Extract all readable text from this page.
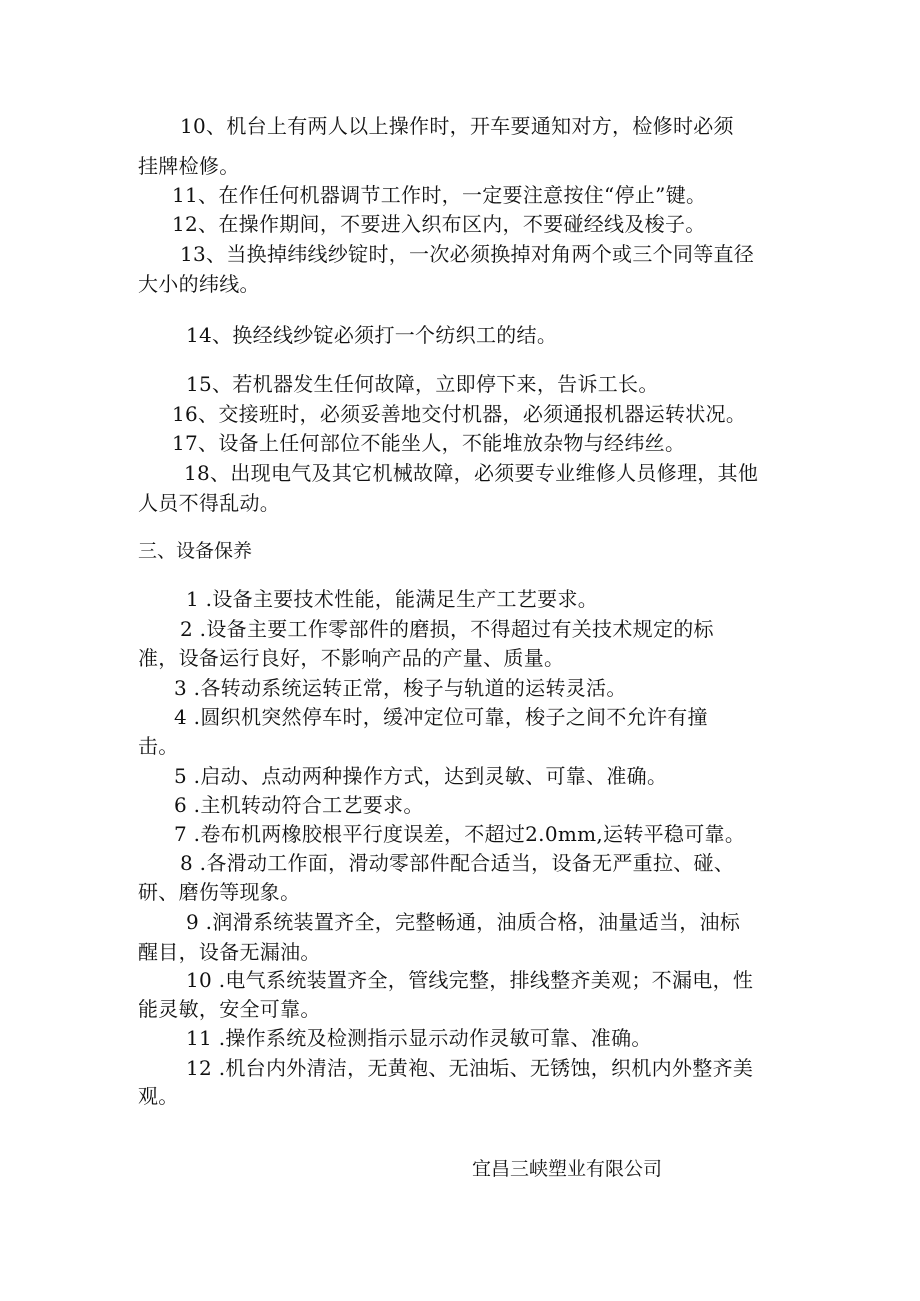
10、机台上有两人以上操作时，开车要通知对方，检修时必须
挂牌检修。
11、在作任何机器调节工作时，一定要注意按住“停止”键。
12、在操作期间，不要进入织布区内，不要碰经线及梭子。
13、当换掉纬线纱锭时，一次必须换掉对角两个或三个同等直径
大小的纬线。
14、换经线纱锭必须打一个纺织工的结。
15、若机器发生任何故障，立即停下来，告诉工长。
16、交接班时，必须妥善地交付机器，必须通报机器运转状况。
17、设备上任何部位不能坐人，不能堆放杂物与经纬丝。
18、出现电气及其它机械故障，必须要专业维修人员修理，其他
人员不得乱动。
三、设备保养
1 .设备主要技术性能，能满足生产工艺要求。
2 .设备主要工作零部件的磨损，不得超过有关技术规定的标
准，设备运行良好，不影响产品的产量、质量。
3 .各转动系统运转正常，梭子与轨道的运转灵活。
4 .圆织机突然停车时，缓冲定位可靠，梭子之间不允许有撞
击。
5 .启动、点动两种操作方式，达到灵敏、可靠、准确。
6 .主机转动符合工艺要求。
7 .卷布机两橡胶根平行度误差，不超过2.0mm,运转平稳可靠。
8 .各滑动工作面，滑动零部件配合适当，设备无严重拉、碰、
研、磨伤等现象。
9 .润滑系统装置齐全，完整畅通，油质合格，油量适当，油标
醒目，设备无漏油。
10 .电气系统装置齐全，管线完整，排线整齐美观；不漏电，性
能灵敏，安全可靠。
11 .操作系统及检测指示显示动作灵敏可靠、准确。
12 .机台内外清洁，无黄袍、无油垢、无锈蚀，织机内外整齐美
观。
宜昌三峡塑业有限公司
